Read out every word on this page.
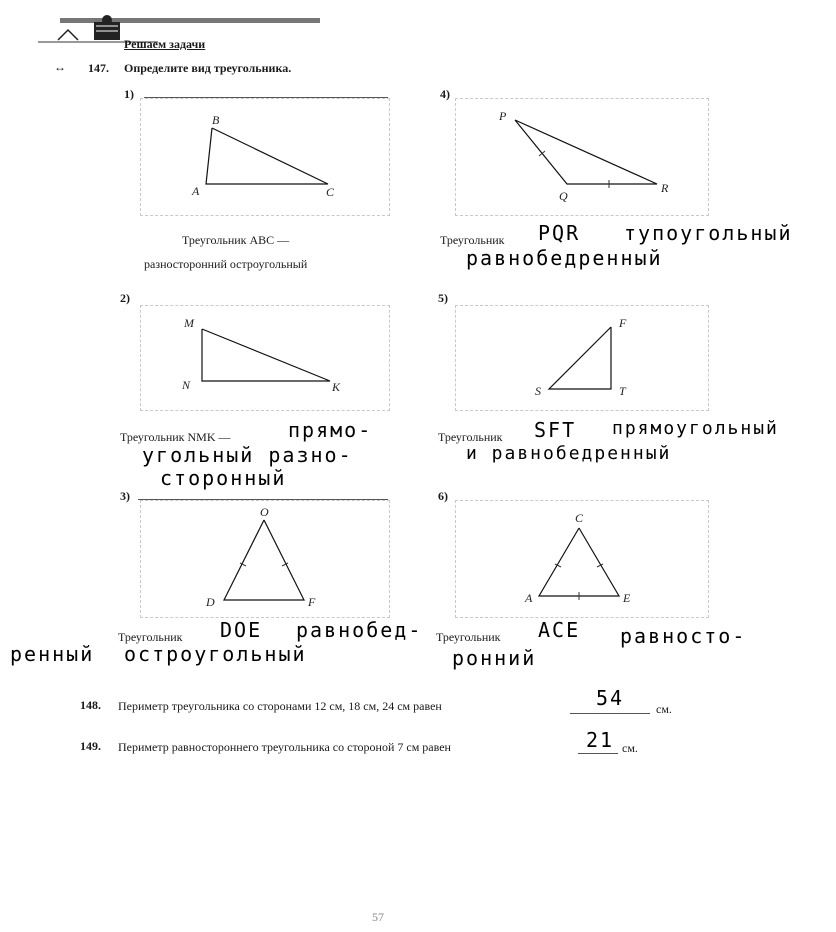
Решаем задачи
↔ 147. Определите вид треугольника.
1)
B
A	C
Треугольник ABC —
разносторонний остроугольный
4)
P
Q
R
Треугольник PQR тупоугольный
равнобедренный
2)
M
N	K
Треугольник NMK —	прямо-
угольный разно-
сторонный
5)
F
S	T
Треугольник SFT прямоугольный
и равнобедренный
3)
O
D	F
Треугольник DOE равнобед-
ренный остроугольный
6)
C
A	E
Треугольник ACE равносто-
ронний
148. Периметр треугольника со сторонами 12 см, 18 см, 24 см равен	54	см.
149. Периметр равностороннего треугольника со стороной 7 см равен	21 см.
57
